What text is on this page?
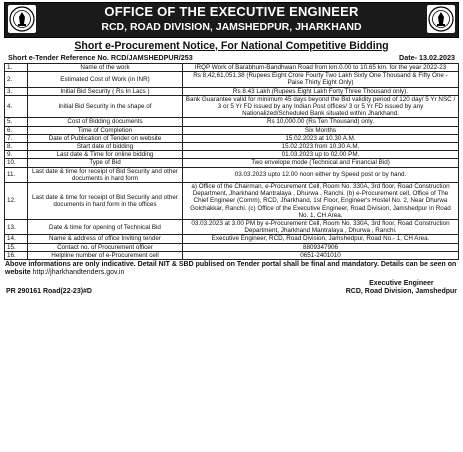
OFFICE OF THE EXECUTIVE ENGINEER
RCD, ROAD DIVISION, JAMSHEDPUR, JHARKHAND
Short e-Procurement Notice, For National Competitive Bidding
Short e-Tender Reference No. RCD/JAMSHEDPUR/253	Date- 13.02.2023
1.	Name of the work	IRQP Work of Barabhum-Bandhwan Road from km.0.00 to 10.65 km. for the year 2022-23
2.	Estimated Cost of Work (in INR)	Rs 8,42,61,051.38 (Rupees Eight Crore Fourty Two Lakh Sixty One Thousand & Fifty One - Paise Thirty Eight Only)
3.	Initial Bid Security ( Rs In Lacs )	Rs 8.43 Lakh (Rupees Eight Lakh Forty Three Thousand only).
4.	Initial Bid Security in the shape of	Bank Guarantee valid for minimum 45 days beyond the Bid validity period of 120 day/ 5 Yr NSC / 3 or 5 Yr FD issued by any Indian Post offices/ 3 or 5 Yr FD issued by any Nationalized/Scheduled Bank situated within Jharkhand.
5.	Cost of Bidding documents	Rs 10,000.00 (Rs Ten Thousand) only.
6.	Time of Completion	Six Months
7.	Date of Publication of Tender on website	15.02.2023 at 10.30 A.M.
8.	Start date of bidding	15.02.2023 from 10.30 A.M.
9.	Last date & Time for online bidding	01.03.2023 up to 02.00 PM.
10.	Type of Bid	Two envelope mode (Technical and Financial Bid)
11.	Last date & time for receipt of Bid Security and other documents in hard form	03.03.2023 upto 12.00 noon either by Speed post or by hand.
12.	Last date & time for receipt of Bid Security and other documents in hard form in the offices	a) Office of the Chairman, e-Procurement Cell, Room No. 330A, 3rd floor, Road Construction Department, Jharkhand Mantralaya , Dhurwa , Ranchi. (b) e-Procurement cell, Office of The Chief Engineer (Comm), RCD, Jharkhand, 1st Floor, Engineer's Hostel No. 2, Near Dhurwa Golchakkar, Ranchi. (c) Office of the Executive Engineer, Road Division, Jamshedpur in Road No. 1, CH Area.
13.	Date & time for opening of Technical Bid	03.03.2023 at 3.00 PM by e-Procurement Cell, Room No. 330A, 3rd floor, Road Construction Department, Jharkhand Mantralaya , Dhurwa , Ranchi.
14.	Name & address of office Inviting tender	Executive Engineer, RCD, Road Division, Jamshedpur, Road No.- 1, CH Area.
15.	Contact no. of Procurement officer	8809347906
16.	Helpline number of e-Procurement cell	0651-2401010
Above informations are only indicative. Detail NIT & SBD publised on Tender portal shall be final and mandatory. Details can be seen on website http://jharkhandtenders.gov.in
PR 290161 Road(22-23)#D
Executive Engineer
RCD, Road Division, Jamshedpur
